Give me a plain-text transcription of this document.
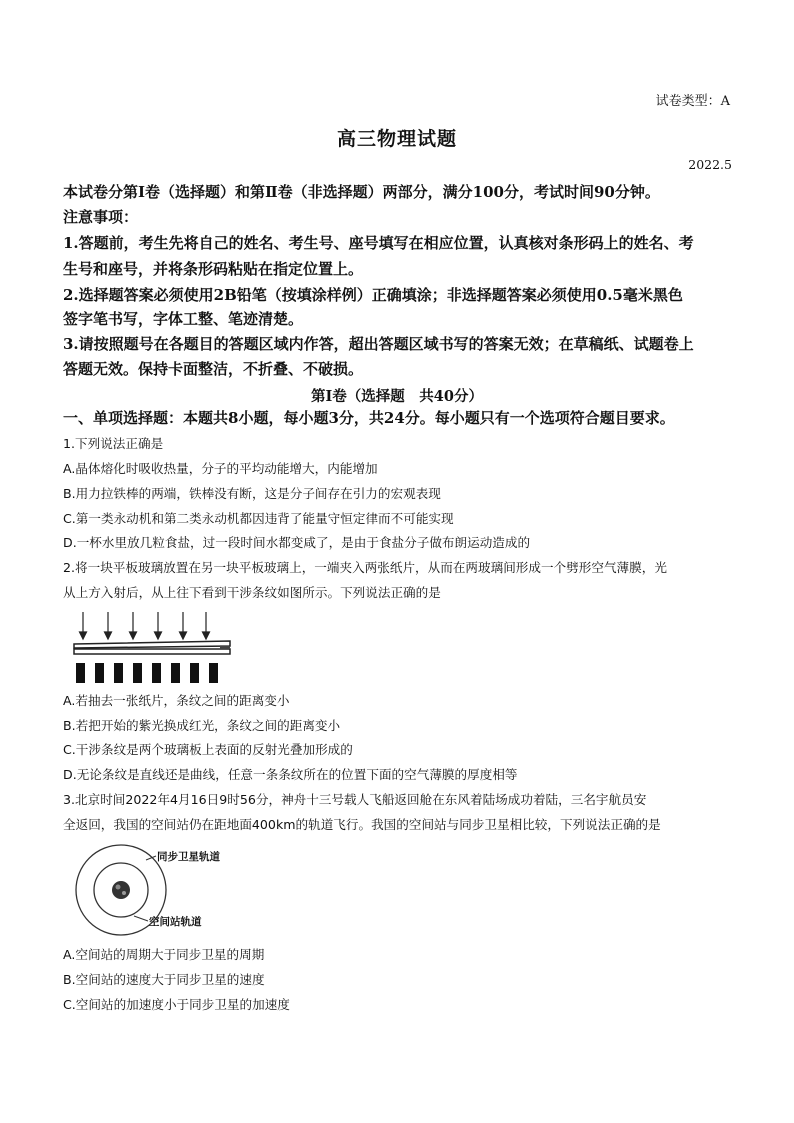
试卷类型：A
高三物理试题
2022.5
本试卷分第Ⅰ卷（选择题）和第Ⅱ卷（非选择题）两部分，满分100分，考试时间90分钟。
注意事项：
1.答题前，考生先将自己的姓名、考生号、座号填写在相应位置，认真核对条形码上的姓名、考
生号和座号，并将条形码粘贴在指定位置上。
2.选择题答案必须使用2B铅笔（按填涂样例）正确填涂；非选择题答案必须使用0.5毫米黑色
签字笔书写，字体工整、笔迹清楚。
3.请按照题号在各题目的答题区域内作答，超出答题区域书写的答案无效；在草稿纸、试题卷上
答题无效。保持卡面整洁，不折叠、不破损。
第Ⅰ卷（选择题　共40分）
一、单项选择题：本题共8小题，每小题3分，共24分。每小题只有一个选项符合题目要求。
1.下列说法正确是
A.晶体熔化时吸收热量，分子的平均动能增大，内能增加
B.用力拉铁棒的两端，铁棒没有断，这是分子间存在引力的宏观表现
C.第一类永动机和第二类永动机都因违背了能量守恒定律而不可能实现
D.一杯水里放几粒食盐，过一段时间水都变咸了，是由于食盐分子做布朗运动造成的
2.将一块平板玻璃放置在另一块平板玻璃上，一端夹入两张纸片，从而在两玻璃间形成一个劈形空气薄膜，光
从上方入射后，从上往下看到干涉条纹如图所示。下列说法正确的是
A.若抽去一张纸片，条纹之间的距离变小
B.若把开始的紫光换成红光，条纹之间的距离变小
C.干涉条纹是两个玻璃板上表面的反射光叠加形成的
D.无论条纹是直线还是曲线，任意一条条纹所在的位置下面的空气薄膜的厚度相等
3.北京时间2022年4月16日9时56分，神舟十三号载人飞船返回舱在东风着陆场成功着陆，三名宇航员安
全返回，我国的空间站仍在距地面400km的轨道飞行。我国的空间站与同步卫星相比较，下列说法正确的是
同步卫星轨道
空间站轨道
A.空间站的周期大于同步卫星的周期
B.空间站的速度大于同步卫星的速度
C.空间站的加速度小于同步卫星的加速度
